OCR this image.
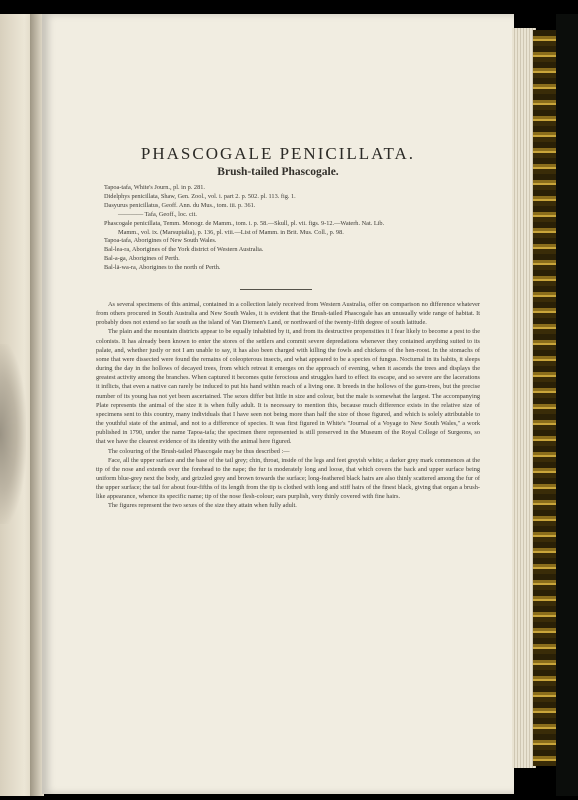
PHASCOGALE PENICILLATA.
Brush-tailed Phascogale.
Tapoa-tafa, White's Journ., pl. in p. 281.
Didelphys penicillata, Shaw, Gen. Zool., vol. i. part 2. p. 502. pl. 113. fig. 1.
Dasyurus penicillatus, Geoff. Ann. du Mus., tom. iii. p. 361.
———— Tafa, Geoff., loc. cit.
Phascogale penicillata, Temm. Monogr. de Mamm., tom. i. p. 58.—Skull, pl. vii. figs. 9-12.—Waterh. Nat. Lib.
Mamm., vol. ix. (Marsupialia), p. 136, pl. viii.—List of Mamm. in Brit. Mus. Coll., p. 98.
Tapoa-tafa, Aborigines of New South Wales.
Bal-lea-ra, Aborigines of the York district of Western Australia.
Bal-a-ga, Aborigines of Perth.
Bal-lā-wa-ra, Aborigines to the north of Perth.

As several specimens of this animal, contained in a collection lately received from Western Australia, offer on comparison no difference whatever from others procured in South Australia and New South Wales, it is evident that the Brush-tailed Phascogale has an unusually wide range of habitat. It probably does not extend so far south as the island of Van Diemen's Land, or northward of the twenty-fifth degree of south latitude.

The plain and the mountain districts appear to be equally inhabited by it, and from its destructive propensities it I fear likely to become a pest to the colonists. It has already been known to enter the stores of the settlers and commit severe depredations whenever they contained anything suited to its palate, and, whether justly or not I am unable to say, it has also been charged with killing the fowls and chickens of the hen-roost. In the stomachs of some that were dissected were found the remains of coleopterous insects, and what appeared to be a species of fungus. Nocturnal in its habits, it sleeps during the day in the hollows of decayed trees, from which retreat it emerges on the approach of evening, when it ascends the trees and displays the greatest activity among the branches. When captured it becomes quite ferocious and struggles hard to effect its escape, and so severe are the lacerations it inflicts, that even a native can rarely be induced to put his hand within reach of a living one. It breeds in the hollows of the gum-trees, but the precise number of its young has not yet been ascertained. The sexes differ but little in size and colour, but the male is somewhat the largest. The accompanying Plate represents the animal of the size it is when fully adult. It is necessary to mention this, because much difference exists in the relative size of specimens sent to this country, many individuals that I have seen not being more than half the size of those figured, and which is solely attributable to the youthful state of the animal, and not to a difference of species. It was first figured in White's "Journal of a Voyage to New South Wales," a work published in 1790, under the name Tapoa-tafa; the specimen there represented is still preserved in the Museum of the Royal College of Surgeons, so that we have the clearest evidence of its identity with the animal here figured.

The colouring of the Brush-tailed Phascogale may be thus described :—

Face, all the upper surface and the base of the tail grey; chin, throat, inside of the legs and feet greyish white; a darker grey mark commences at the tip of the nose and extends over the forehead to the nape; the fur is moderately long and loose, that which covers the back and upper surface being uniform blue-grey next the body, and grizzled grey and brown towards the surface; long-feathered black hairs are also thinly scattered among the fur of the upper surface; the tail for about four-fifths of its length from the tip is clothed with long and stiff hairs of the finest black, giving that organ a brush-like appearance, whence its specific name; tip of the nose flesh-colour; ears purplish, very thinly covered with fine hairs.

The figures represent the two sexes of the size they attain when fully adult.
